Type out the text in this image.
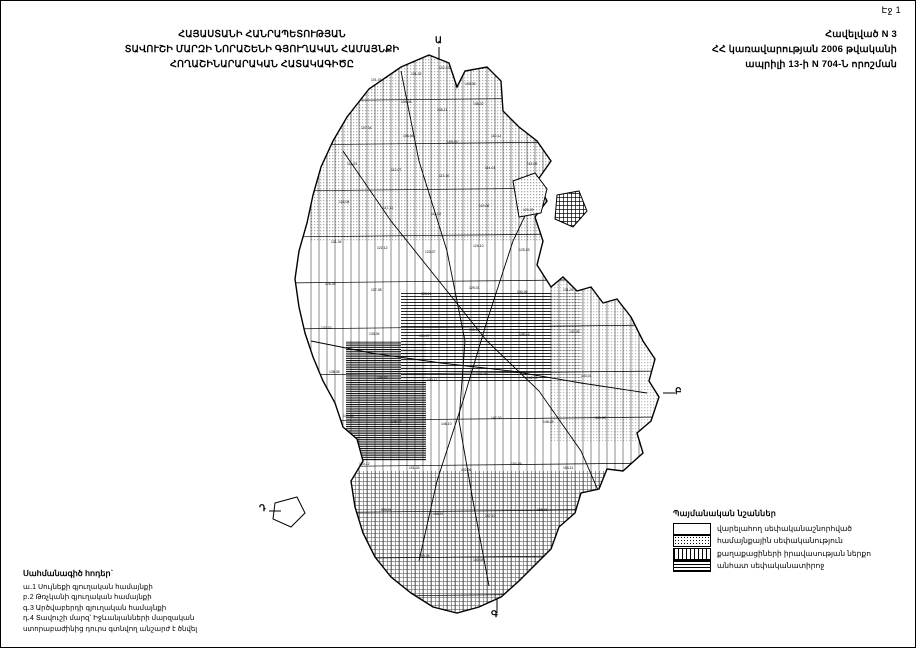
Էջ 1
ՀԱՅԱՍՏԱՆԻ ՀԱՆՐԱՊԵՏՈՒԹՅԱՆ
ՏԱՎՈՒՇԻ ՄԱՐԶԻ ՆՈՐԱՇԵՆԻ ԳՅՈՒՂԱԿԱՆ ՀԱՄԱՅՆՔԻ
ՀՈՂԱՇԻՆԱՐԱՐԱԿԱՆ ՀԱՏԱԿԱԳԻԾԸ
Հավելված N 3
ՀՀ կառավարության 2006 թվականի
ապրիլի 13-ի N 704-Ն որոշման
101-01
101-02
102-03
103-05
104-08
105-11
106-02
107-04
108-06
109-09
110-12
111-03
112-07
113-10
114-01
115-05
116-08
117-11
118-02
119-06
120-09
121-04
122-12
123-07
124-10
125-03
126-05
127-08
128-11
129-01
130-06	131-09
132-02
133-04	134-07
135-10
136-12	137-05
138-08
139-03	140-11
141-06
142-09	143-01
144-04
145-07	146-10
147-02
148-05
149-08
150-12
151-03	152-06
153-09
154-11
155-04
156-07	157-10
158-01
159-05
160-08
Ա
Բ
Գ
Դ
Պայմանական նշաններ
վարելահող սեփականաշնորհված
համայնքային սեփականություն
քաղաքացիների իրավասության ներքո
անհատ սեփականատիրոջ
Սահմանագիծ հոդեր`
ա․1 Սույնեքի գյուղական համայնքի
բ․2 Թռչկանի գյուղական համայնքի
գ․3 Արծվաբերդի գյուղական համայնքի
դ․4 Տավուշի մարզ՝ Իջևանյանների մարզական
ստորաբաժինից դուրս գտնվող անշարժ է ծնվել
